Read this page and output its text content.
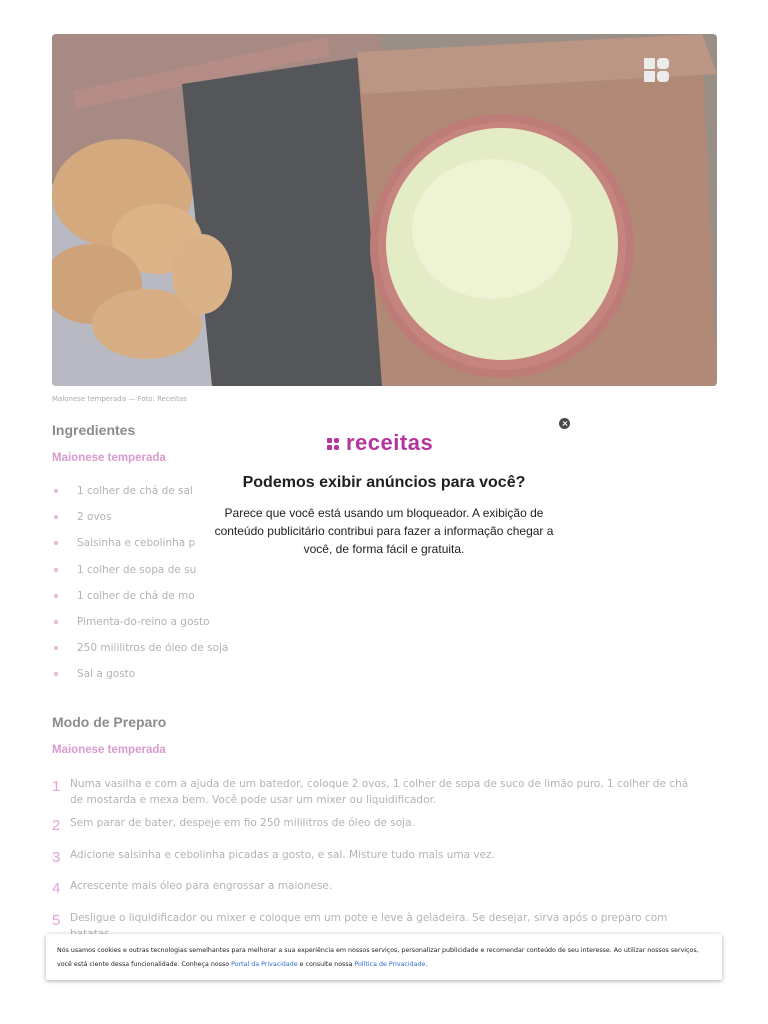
Maionese temperada — Foto: Receitas
Ingredientes
Maionese temperada
1 colher de chá de sal
2 ovos
Salsinha e cebolinha p
1 colher de sopa de su
1 colher de chá de mo
Pimenta-do-reino a gosto
250 mililitros de óleo de soja
Sal a gosto
Modo de Preparo
Maionese temperada
1 Numa vasilha e com a ajuda de um batedor, coloque 2 ovos, 1 colher de sopa de suco de limão puro, 1 colher de chá de mostarda e mexa bem. Você pode usar um mixer ou liquidificador.
2 Sem parar de bater, despeje em fio 250 mililitros de óleo de soja.
3 Adicione salsinha e cebolinha picadas a gosto, e sal. Misture tudo mais uma vez.
4 Acrescente mais óleo para engrossar a maionese.
5 Desligue o liquidificador ou mixer e coloque em um pote e leve à geladeira. Se desejar, sirva após o preparo com
receitas
Podemos exibir anúncios para você?
Parece que você está usando um bloqueador. A exibição de conteúdo publicitário contribui para fazer a informação chegar a você, de forma fácil e gratuita.

Nós usamos cookies e outras tecnologias semelhantes para melhorar a sua experiência em nossos serviços, personalizar publicidade e recomendar conteúdo de seu interesse. Ao utilizar nossos serviços, você está ciente dessa funcionalidade. Conheça nosso Portal da Privacidade e consulte nossa Política de Privacidade.
